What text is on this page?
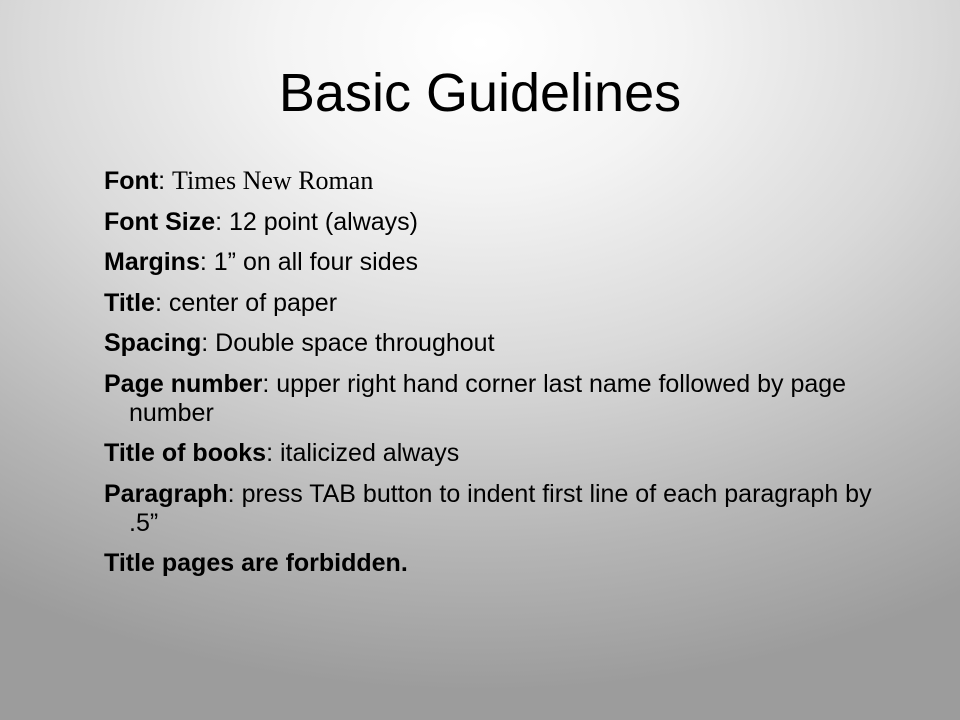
Basic Guidelines
Font: Times New Roman
Font Size: 12 point (always)
Margins: 1” on all four sides
Title: center of paper
Spacing: Double space throughout
Page number: upper right hand corner last name followed by page number
Title of books: italicized always
Paragraph: press TAB button to indent first line of each paragraph by .5”
Title pages are forbidden.
